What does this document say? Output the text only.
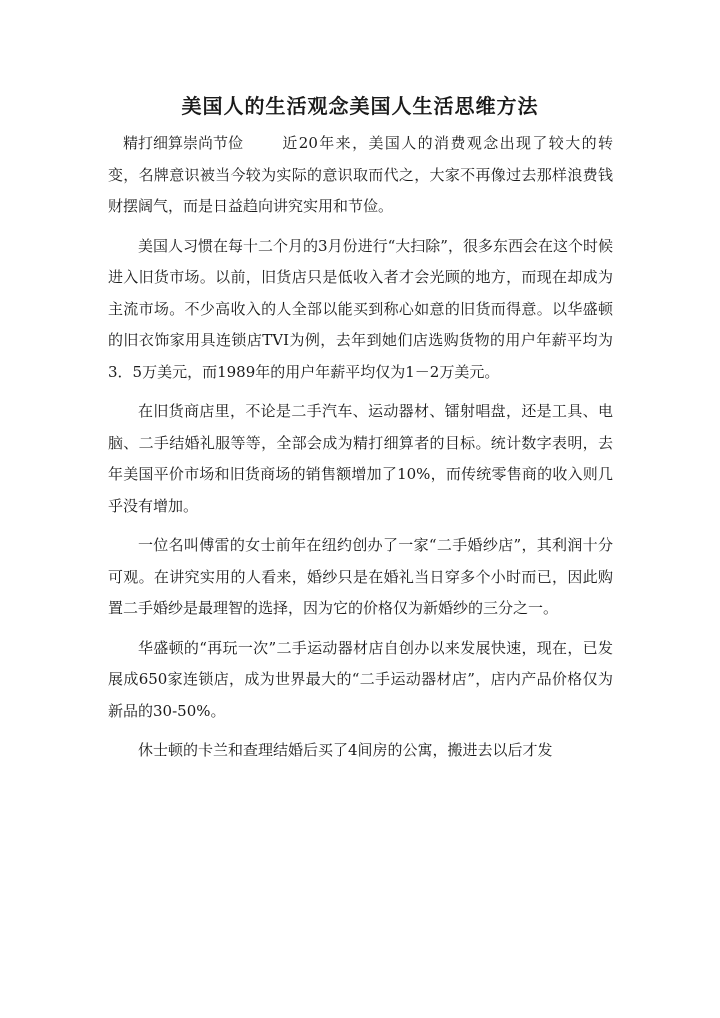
美国人的生活观念美国人生活思维方法

精打细算崇尚节俭	近20年来，美国人的消费观念出现了较大的转变，名牌意识被当今较为实际的意识取而代之，大家不再像过去那样浪费钱财摆阔气，而是日益趋向讲究实用和节俭。

美国人习惯在每十二个月的3月份进行“大扫除”，很多东西会在这个时候进入旧货市场。以前，旧货店只是低收入者才会光顾的地方，而现在却成为主流市场。不少高收入的人全部以能买到称心如意的旧货而得意。以华盛顿的旧衣饰家用具连锁店TVI为例，去年到她们店选购货物的用户年薪平均为3．5万美元，而1989年的用户年薪平均仅为1－2万美元。

在旧货商店里，不论是二手汽车、运动器材、镭射唱盘，还是工具、电脑、二手结婚礼服等等，全部会成为精打细算者的目标。统计数字表明，去年美国平价市场和旧货商场的销售额增加了10%，而传统零售商的收入则几乎没有增加。

一位名叫傅雷的女士前年在纽约创办了一家“二手婚纱店”，其利润十分可观。在讲究实用的人看来，婚纱只是在婚礼当日穿多个小时而已，因此购置二手婚纱是最理智的选择，因为它的价格仅为新婚纱的三分之一。

华盛顿的“再玩一次”二手运动器材店自创办以来发展快速，现在，已发展成650家连锁店，成为世界最大的“二手运动器材店”，店内产品价格仅为新品的30-50%。

休士顿的卡兰和查理结婚后买了4间房的公寓，搬进去以后才发
